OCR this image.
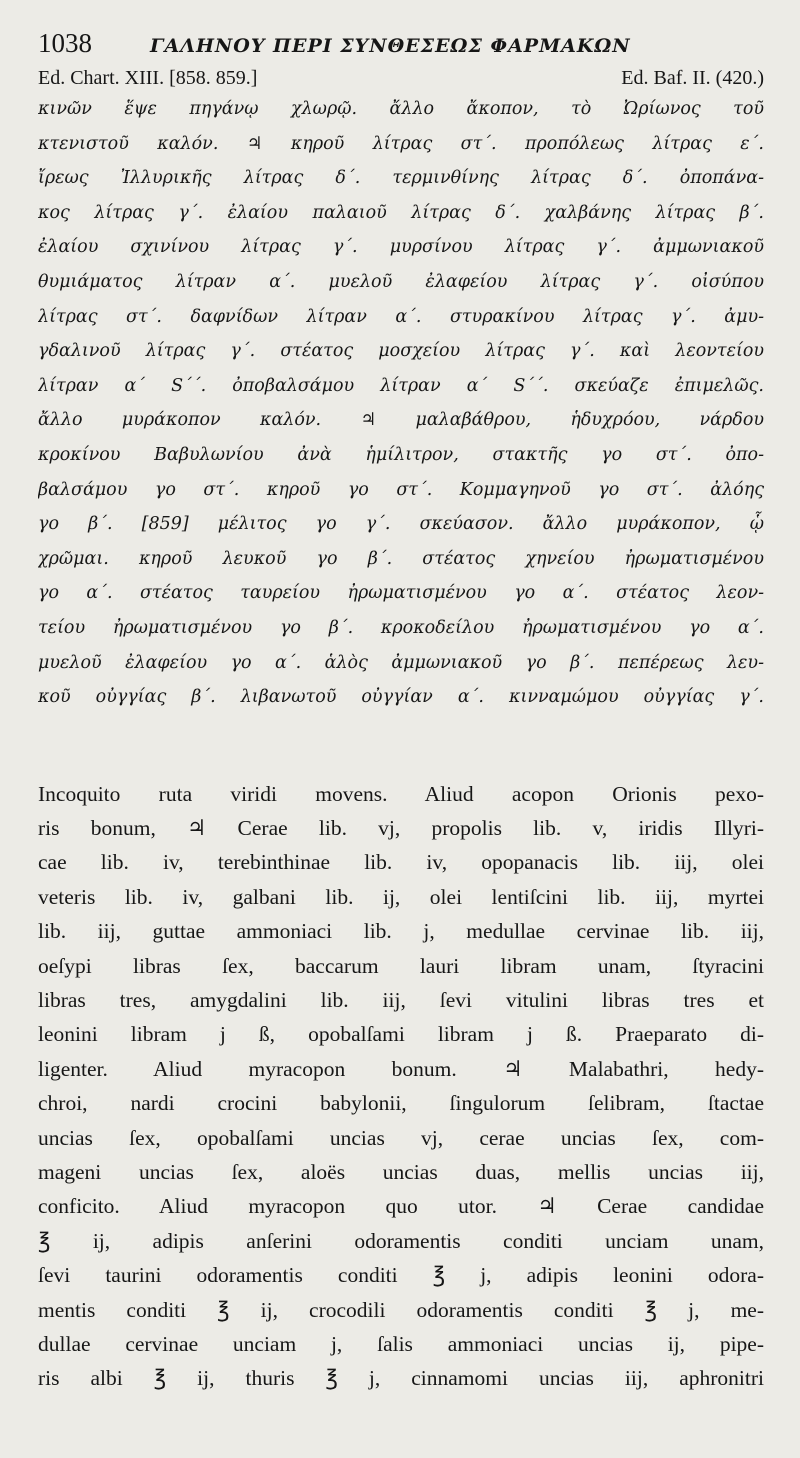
1038	ΓΑΛΗΝΟΥ ΠΕΡΙ ΣΥΝΘΕΣΕΩΣ ΦΑΡΜΑΚΩΝ
Ed. Chart. XIII. [858. 859.]	Ed. Baf. II. (420.)
κινῶν ἕψε πηγάνῳ χλωρῷ. ἄλλο ἄκοπον, τὸ Ὠρίωνος τοῦ
κτενιστοῦ καλόν. ♃ κηροῦ λίτρας στ΄. προπόλεως λίτρας ε΄.
ἴρεως Ἰλλυρικῆς λίτρας δ΄. τερμινθίνης λίτρας δ΄. ὀποπάνα-
κος λίτρας γ΄. ἐλαίου παλαιοῦ λίτρας δ΄. χαλβάνης λίτρας β΄.
ἐλαίου σχινίνου λίτρας γ΄. μυρσίνου λίτρας γ΄. ἀμμωνιακοῦ
θυμιάματος λίτραν α΄. μυελοῦ ἐλαφείου λίτρας γ΄. οἰσύπου
λίτρας στ΄. δαφνίδων λίτραν α΄. στυρακίνου λίτρας γ΄. ἀμυ-
γδαλινοῦ λίτρας γ΄. στέατος μοσχείου λίτρας γ΄. καὶ λεοντείου
λίτραν α΄ S΄΄. ὀποβαλσάμου λίτραν α΄ S΄΄. σκεύαζε ἐπιμελῶς.
ἄλλο μυράκοπον καλόν. ♃ μαλαβάθρου, ἡδυχρόου, νάρδου
κροκίνου Βαβυλωνίου ἀνὰ ἡμίλιτρον, στακτῆς γο στ΄. ὀπο-
βαλσάμου γο στ΄. κηροῦ γο στ΄. Κομμαγηνοῦ γο στ΄. ἀλόης
γο β΄. [859] μέλιτος γο γ΄. σκεύασον. ἄλλο μυράκοπον, ᾧ
χρῶμαι. κηροῦ λευκοῦ γο β΄. στέατος χηνείου ἠρωματισμένου
γο α΄. στέατος ταυρείου ἠρωματισμένου γο α΄. στέατος λεον-
τείου ἠρωματισμένου γο β΄. κροκοδείλου ἠρωματισμένου γο α΄.
μυελοῦ ἐλαφείου γο α΄. ἁλὸς ἀμμωνιακοῦ γο β΄. πεπέρεως λευ-
κοῦ οὐγγίας β΄. λιβανωτοῦ οὐγγίαν α΄. κινναμώμου οὐγγίας γ΄.
Incoquito ruta viridi movens. Aliud acopon Orionis pexo-
ris bonum, ♃ Cerae lib. vj, propolis lib. v, iridis Illyri-
cae lib. iv, terebinthinae lib. iv, opopanacis lib. iij, olei
veteris lib. iv, galbani lib. ij, olei lentiſcini lib. iij, myrtei
lib. iij, guttae ammoniaci lib. j, medullae cervinae lib. iij,
oeſypi libras ſex, baccarum lauri libram unam, ſtyracini
libras tres, amygdalini lib. iij, ſevi vitulini libras tres et
leonini libram j ß, opobalſami libram j ß. Praeparato di-
ligenter. Aliud myracopon bonum. ♃ Malabathri, hedy-
chroi, nardi crocini babylonii, ſingulorum ſelibram, ſtactae
uncias ſex, opobalſami uncias vj, cerae uncias ſex, com-
mageni uncias ſex, aloës uncias duas, mellis uncias iij,
conficito. Aliud myracopon quo utor. ♃ Cerae candidae
℥ ij, adipis anſerini odoramentis conditi unciam unam,
ſevi taurini odoramentis conditi ℥ j, adipis leonini odora-
mentis conditi ℥ ij, crocodili odoramentis conditi ℥ j, me-
dullae cervinae unciam j, ſalis ammoniaci uncias ij, pipe-
ris albi ℥ ij, thuris ℥ j, cinnamomi uncias iij, aphronitri
